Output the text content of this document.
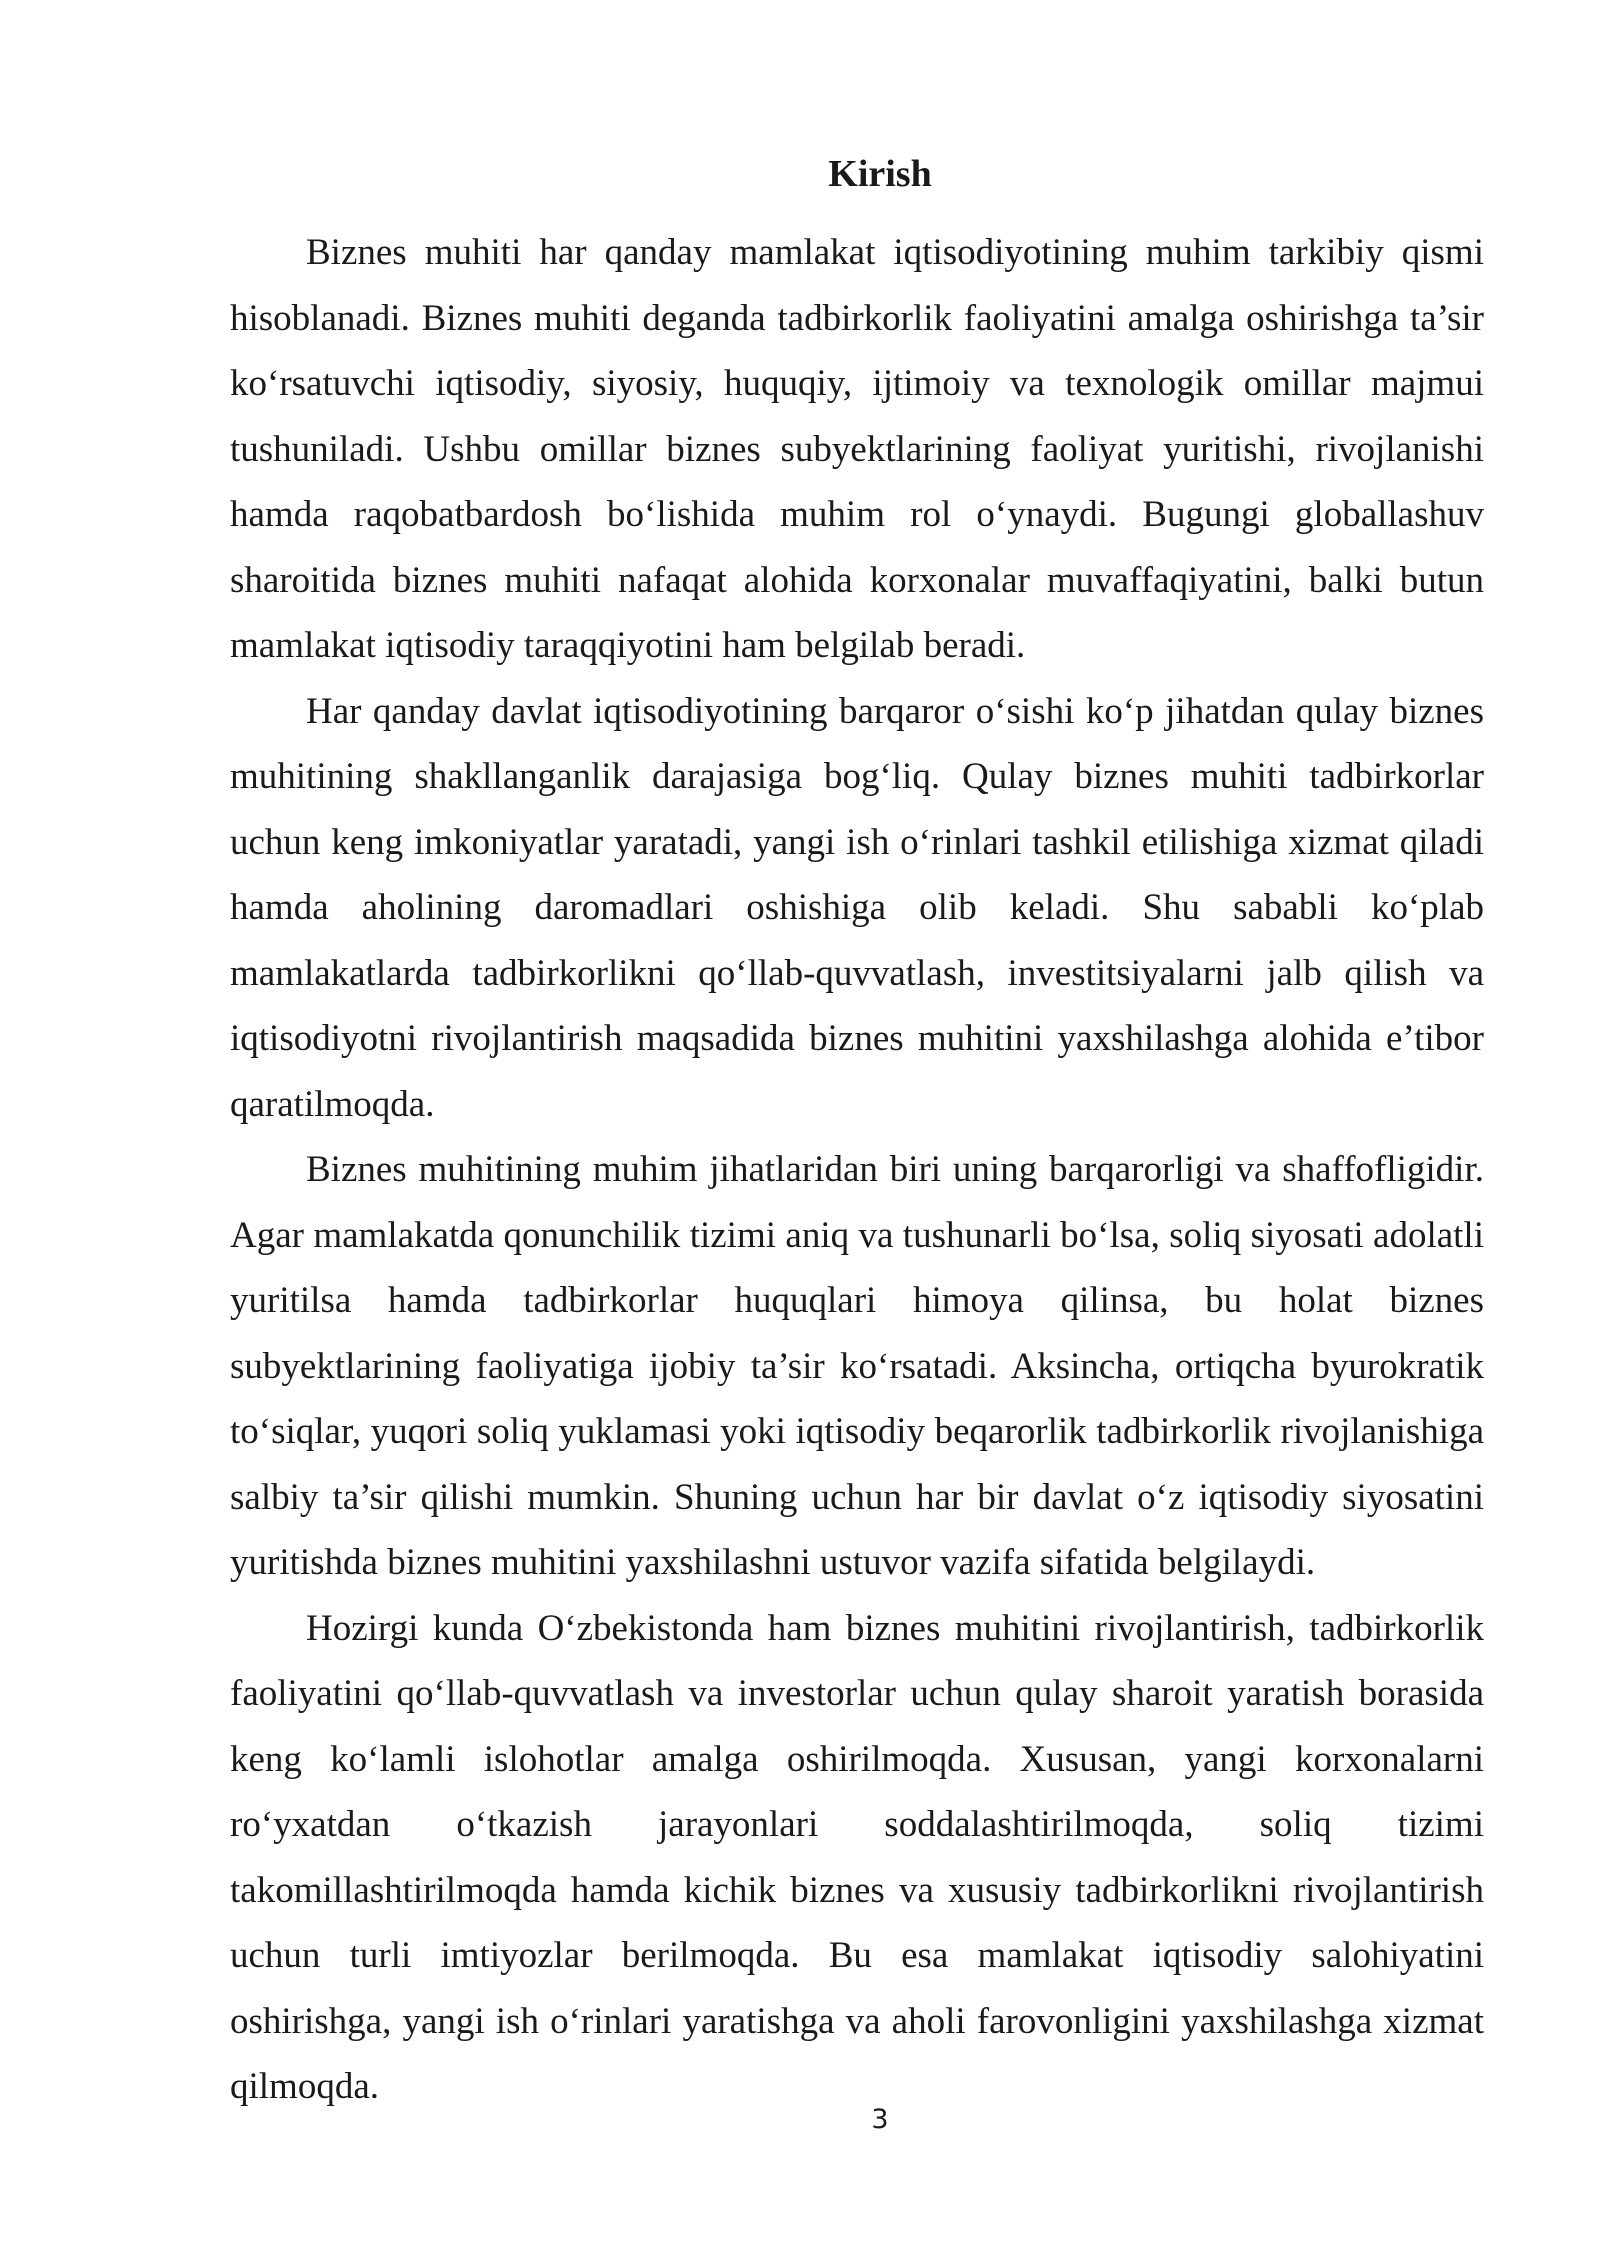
Kirish

Biznes muhiti har qanday mamlakat iqtisodiyotining muhim tarkibiy qismi hisoblanadi. Biznes muhiti deganda tadbirkorlik faoliyatini amalga oshirishga ta’sir ko‘rsatuvchi iqtisodiy, siyosiy, huquqiy, ijtimoiy va texnologik omillar majmui tushuniladi. Ushbu omillar biznes subyektlarining faoliyat yuritishi, rivojlanishi hamda raqobatbardosh bo‘lishida muhim rol o‘ynaydi. Bugungi globallashuv sharoitida biznes muhiti nafaqat alohida korxonalar muvaffaqiyatini, balki butun mamlakat iqtisodiy taraqqiyotini ham belgilab beradi.

Har qanday davlat iqtisodiyotining barqaror o‘sishi ko‘p jihatdan qulay biznes muhitining shakllanganlik darajasiga bog‘liq. Qulay biznes muhiti tadbirkorlar uchun keng imkoniyatlar yaratadi, yangi ish o‘rinlari tashkil etilishiga xizmat qiladi hamda aholining daromadlari oshishiga olib keladi. Shu sababli ko‘plab mamlakatlarda tadbirkorlikni qo‘llab-quvvatlash, investitsiyalarni jalb qilish va iqtisodiyotni rivojlantirish maqsadida biznes muhitini yaxshilashga alohida e’tibor qaratilmoqda.

Biznes muhitining muhim jihatlaridan biri uning barqarorligi va shaffofligidir. Agar mamlakatda qonunchilik tizimi aniq va tushunarli bo‘lsa, soliq siyosati adolatli yuritilsa hamda tadbirkorlar huquqlari himoya qilinsa, bu holat biznes subyektlarining faoliyatiga ijobiy ta’sir ko‘rsatadi. Aksincha, ortiqcha byurokratik to‘siqlar, yuqori soliq yuklamasi yoki iqtisodiy beqarorlik tadbirkorlik rivojlanishiga salbiy ta’sir qilishi mumkin. Shuning uchun har bir davlat o‘z iqtisodiy siyosatini yuritishda biznes muhitini yaxshilashni ustuvor vazifa sifatida belgilaydi.

Hozirgi kunda O‘zbekistonda ham biznes muhitini rivojlantirish, tadbirkorlik faoliyatini qo‘llab-quvvatlash va investorlar uchun qulay sharoit yaratish borasida keng ko‘lamli islohotlar amalga oshirilmoqda. Xususan, yangi korxonalarni ro‘yxatdan o‘tkazish jarayonlari soddalashtirilmoqda, soliq tizimi takomillashtirilmoqda hamda kichik biznes va xususiy tadbirkorlikni rivojlantirish uchun turli imtiyozlar berilmoqda. Bu esa mamlakat iqtisodiy salohiyatini oshirishga, yangi ish o‘rinlari yaratishga va aholi farovonligini yaxshilashga xizmat qilmoqda.

3
